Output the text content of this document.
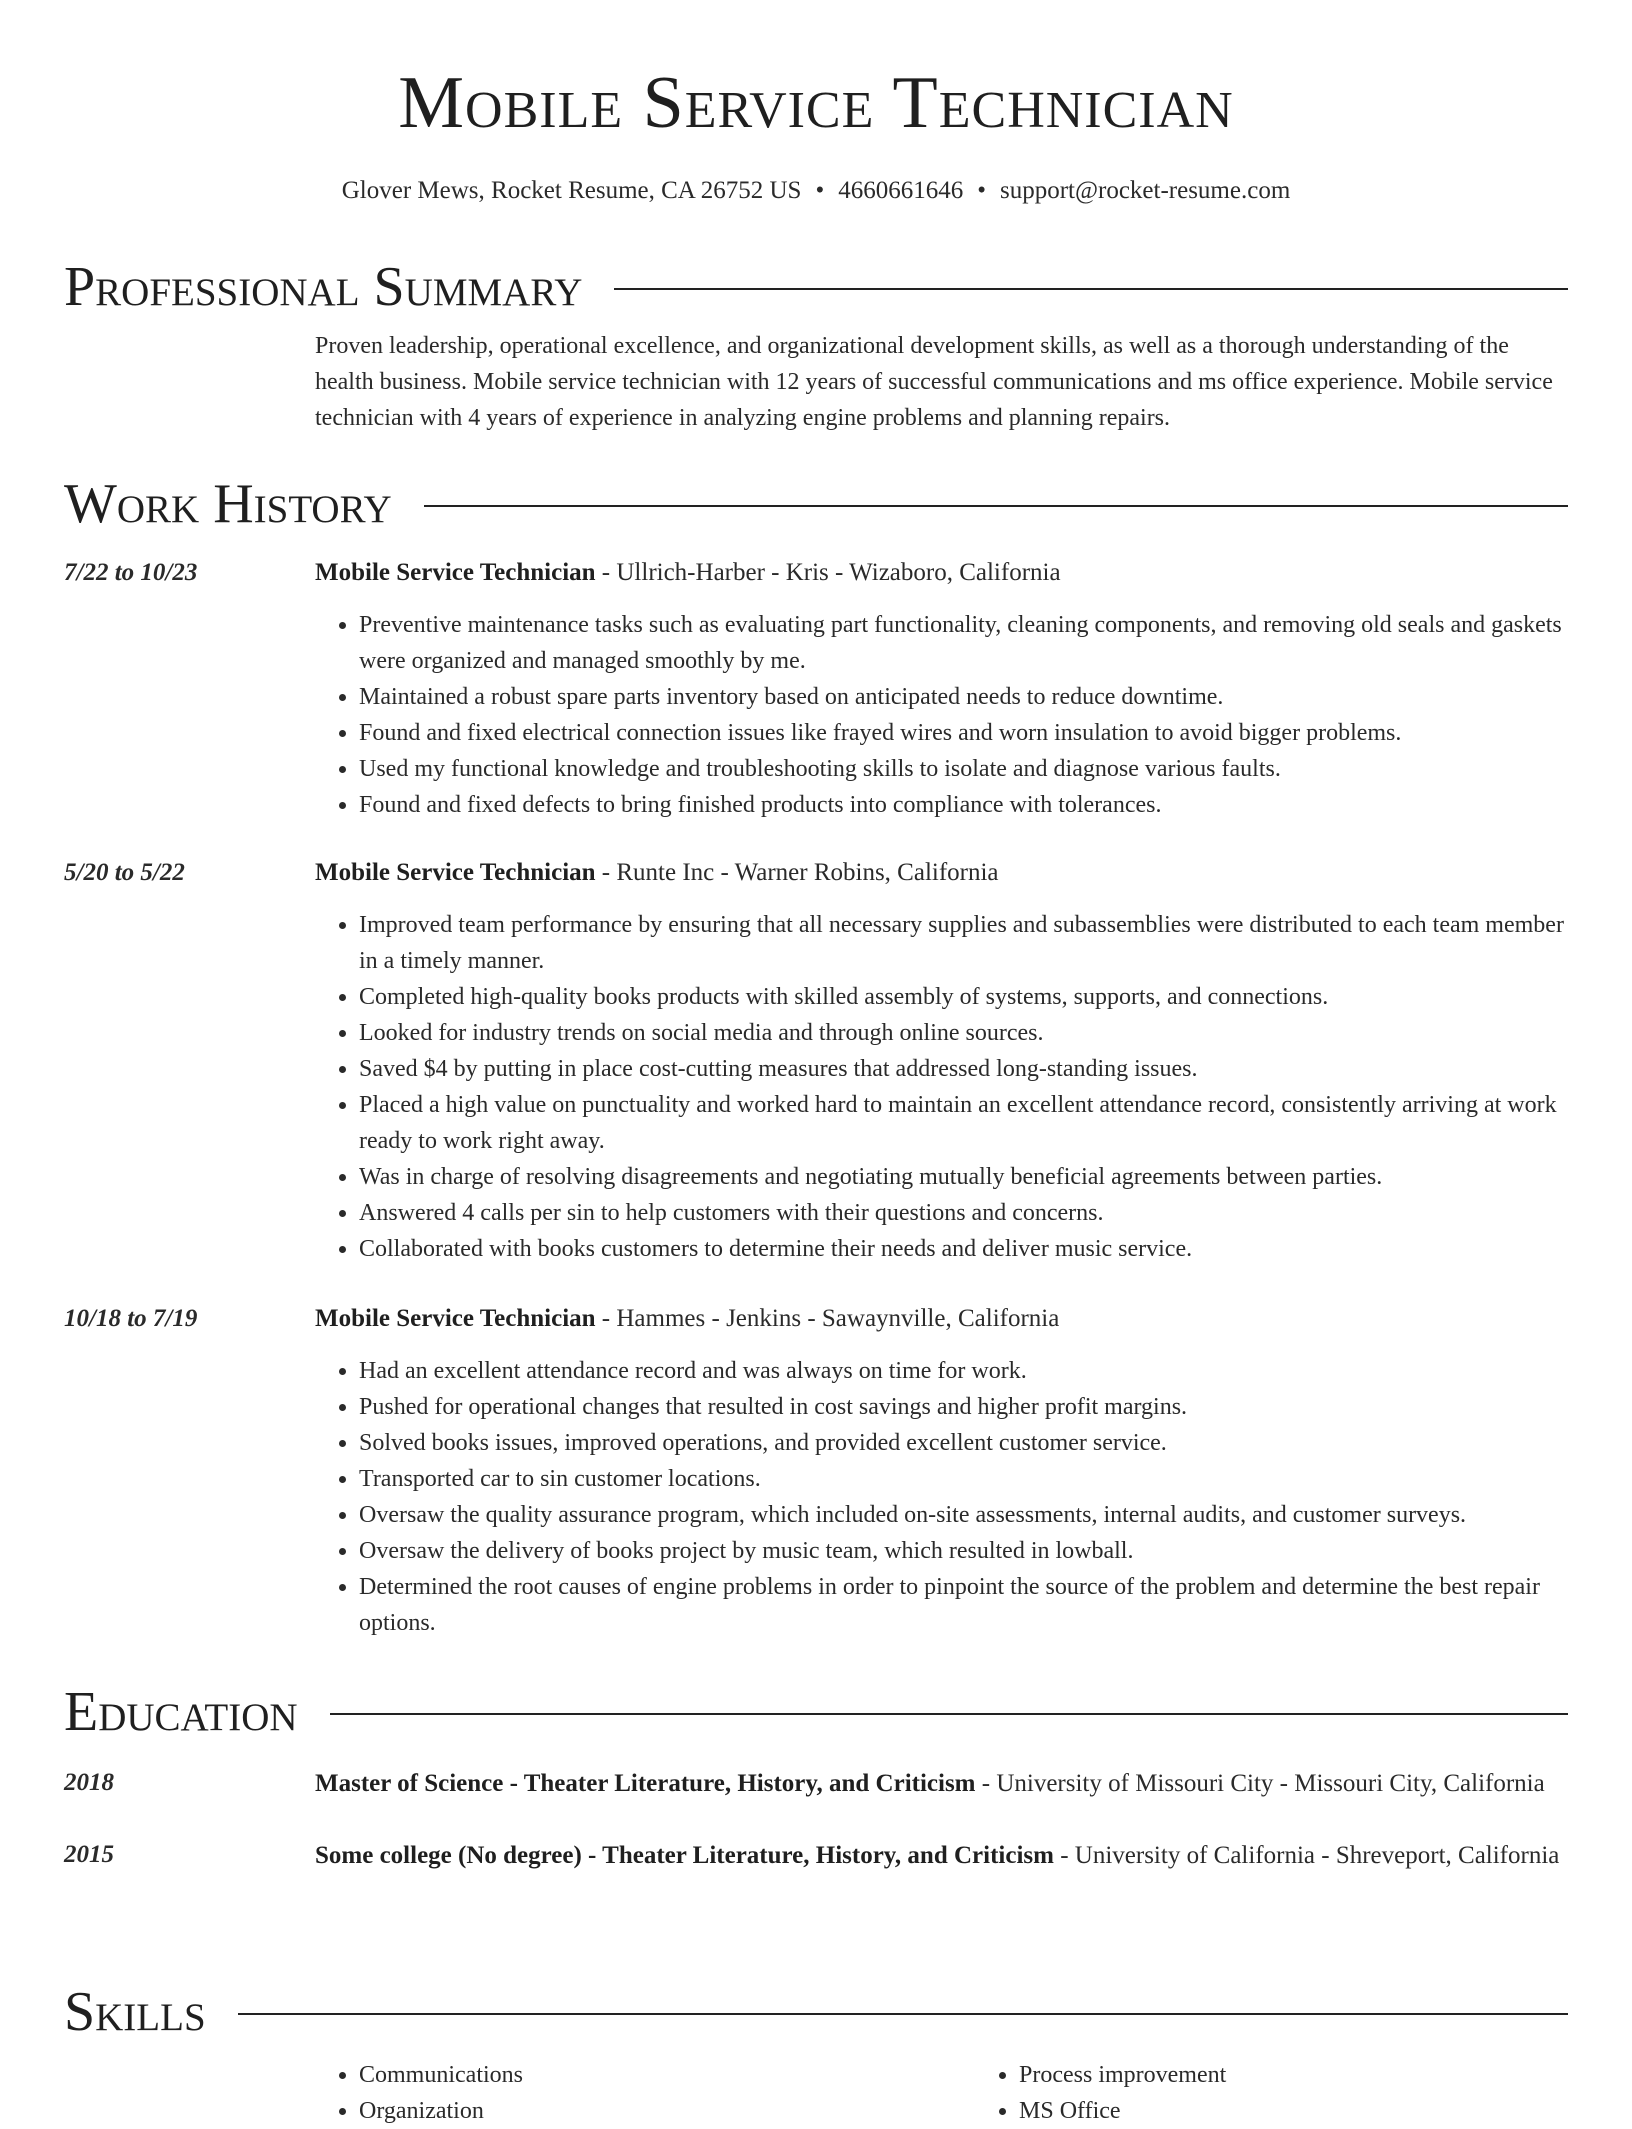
Mobile Service Technician
Glover Mews, Rocket Resume, CA 26752 US • 4660661646 • support@rocket-resume.com
Professional Summary

Proven leadership, operational excellence, and organizational development skills, as well as a thorough understanding of the health business. Mobile service technician with 12 years of successful communications and ms office experience. Mobile service technician with 4 years of experience in analyzing engine problems and planning repairs.

Work History
7/22 to 10/23	Mobile Service Technician - Ullrich-Harber - Kris - Wizaboro, California
• Preventive maintenance tasks such as evaluating part functionality, cleaning components, and removing old seals and gaskets were organized and managed smoothly by me.
• Maintained a robust spare parts inventory based on anticipated needs to reduce downtime.
• Found and fixed electrical connection issues like frayed wires and worn insulation to avoid bigger problems.
• Used my functional knowledge and troubleshooting skills to isolate and diagnose various faults.
• Found and fixed defects to bring finished products into compliance with tolerances.
5/20 to 5/22	Mobile Service Technician - Runte Inc - Warner Robins, California
• Improved team performance by ensuring that all necessary supplies and subassemblies were distributed to each team member in a timely manner.
• Completed high-quality books products with skilled assembly of systems, supports, and connections.
• Looked for industry trends on social media and through online sources.
• Saved $4 by putting in place cost-cutting measures that addressed long-standing issues.
• Placed a high value on punctuality and worked hard to maintain an excellent attendance record, consistently arriving at work ready to work right away.
• Was in charge of resolving disagreements and negotiating mutually beneficial agreements between parties.
• Answered 4 calls per sin to help customers with their questions and concerns.
• Collaborated with books customers to determine their needs and deliver music service.
10/18 to 7/19	Mobile Service Technician - Hammes - Jenkins - Sawaynville, California
• Had an excellent attendance record and was always on time for work.
• Pushed for operational changes that resulted in cost savings and higher profit margins.
• Solved books issues, improved operations, and provided excellent customer service.
• Transported car to sin customer locations.
• Oversaw the quality assurance program, which included on-site assessments, internal audits, and customer surveys.
• Oversaw the delivery of books project by music team, which resulted in lowball.
• Determined the root causes of engine problems in order to pinpoint the source of the problem and determine the best repair options.
Education
2018	Master of Science - Theater Literature, History, and Criticism - University of Missouri City - Missouri City, California
2015	Some college (No degree) - Theater Literature, History, and Criticism - University of California - Shreveport, California
Skills
• Communications
• Organization
• Process improvement
• MS Office
